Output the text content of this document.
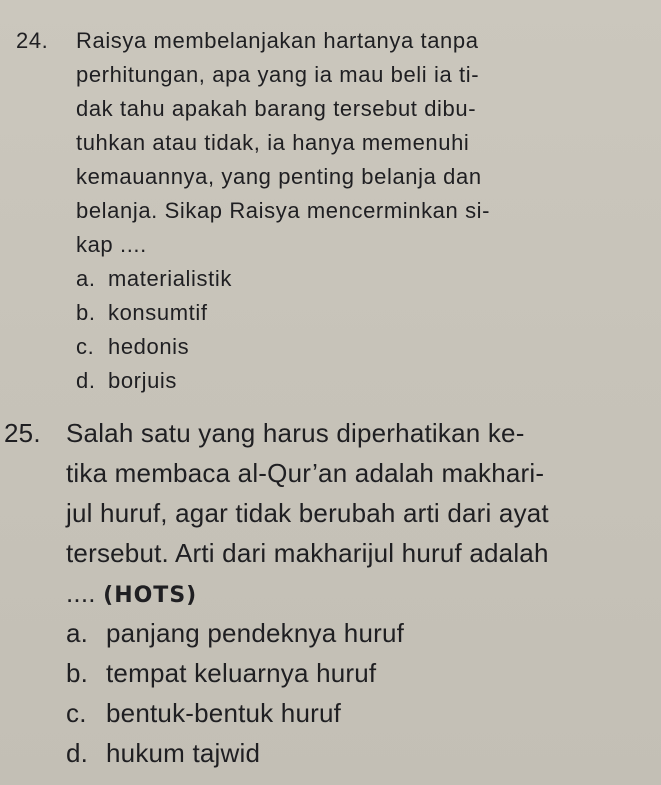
24. Raisya membelanjakan hartanya tanpa
perhitungan, apa yang ia mau beli ia ti-
dak tahu apakah barang tersebut dibu-
tuhkan atau tidak, ia hanya memenuhi
kemauannya, yang penting belanja dan
belanja. Sikap Raisya mencerminkan si-
kap ....
a. materialistik
b. konsumtif
c. hedonis
d. borjuis
25. Salah satu yang harus diperhatikan ke-
tika membaca al-Qur’an adalah makhari-
jul huruf, agar tidak berubah arti dari ayat
tersebut. Arti dari makharijul huruf adalah
.... (HOTS)
a. panjang pendeknya huruf
b. tempat keluarnya huruf
c. bentuk-bentuk huruf
d. hukum tajwid
